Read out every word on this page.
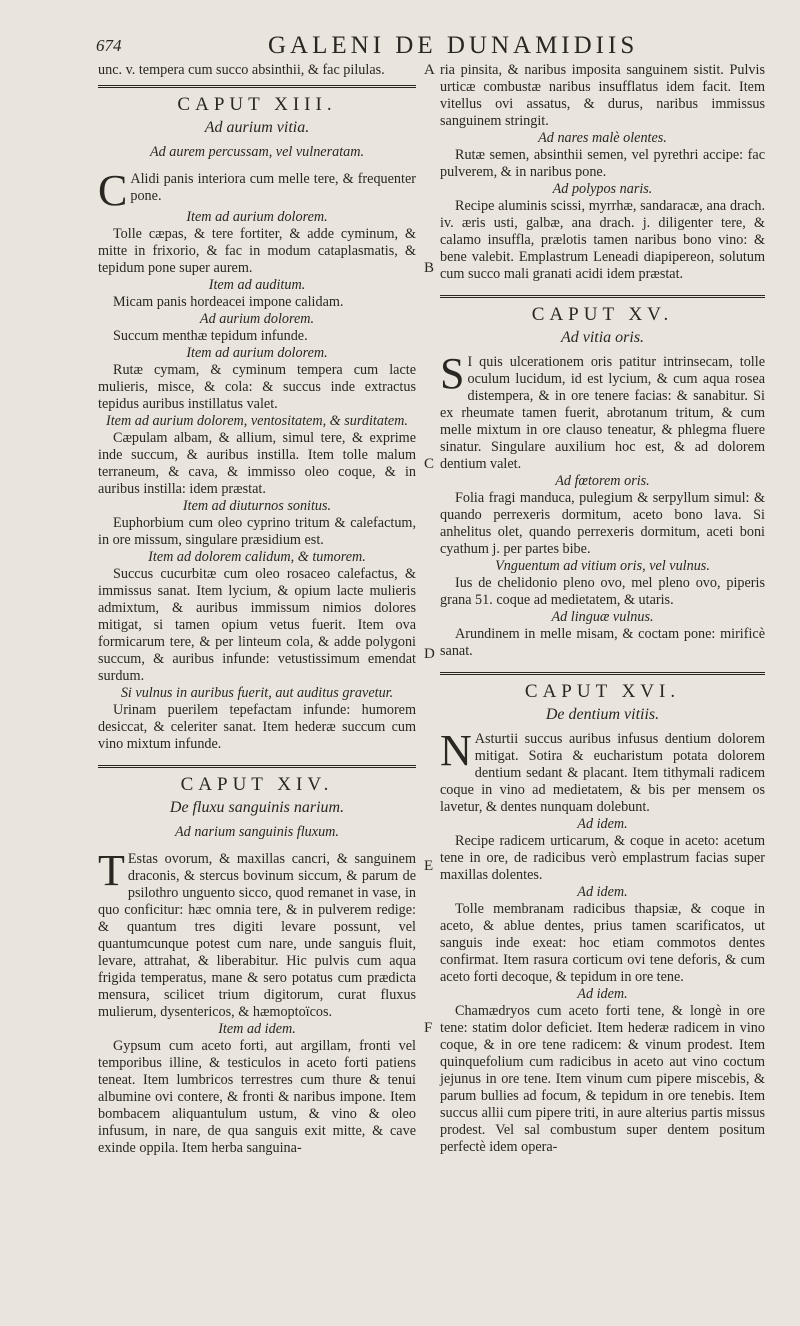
674	GALENI DE DUNAMIDIIS
A
B
C
D
E
F

unc. v. tempera cum succo absinthii, & fac pilulas.

CAPUT XIII.
Ad aurium vitia.
Ad aurem percussam, vel vulneratam.

C Alidi panis interiora cum melle tere, & frequenter pone.

Item ad aurium dolorem.

Tolle cæpas, & tere fortiter, & adde cyminum, & mitte in frixorio, & fac in modum cataplasmatis, & tepidum pone super aurem.

Item ad auditum.

Micam panis hordeacei impone calidam.

Ad aurium dolorem.

Succum menthæ tepidum infunde.

Item ad aurium dolorem.

Rutæ cymam, & cyminum tempera cum lacte mulieris, misce, & cola: & succus inde extractus tepidus auribus instillatus valet.

Item ad aurium dolorem, ventositatem, & surditatem.

Cæpulam albam, & allium, simul tere, & exprime inde succum, & auribus instilla. Item tolle malum terraneum, & cava, & immisso oleo coque, & in auribus instilla: idem præstat.

Item ad diuturnos sonitus.

Euphorbium cum oleo cyprino tritum & calefactum, in ore missum, singulare præsidium est.

Item ad dolorem calidum, & tumorem.

Succus cucurbitæ cum oleo rosaceo calefactus, & immissus sanat. Item lycium, & opium lacte mulieris admixtum, & auribus immissum nimios dolores mitigat, si tamen opium vetus fuerit. Item ova formicarum tere, & per linteum cola, & adde polygoni succum, & auribus infunde: vetustissimum emendat surdum.

Si vulnus in auribus fuerit, aut auditus gravetur.

Urinam puerilem tepefactam infunde: humorem desiccat, & celeriter sanat. Item hederæ succum cum vino mixtum infunde.

CAPUT XIV.
De fluxu sanguinis narium.
Ad narium sanguinis fluxum.

T Estas ovorum, & maxillas cancri, & sanguinem draconis, & stercus bovinum siccum, & parum de psilothro unguento sicco, quod remanet in vase, in quo conficitur: hæc omnia tere, & in pulverem redige: & quantum tres digiti levare possunt, vel quantumcunque potest cum nare, unde sanguis fluit, levare, attrahat, & liberabitur. Hic pulvis cum aqua frigida temperatus, mane & sero potatus cum prædicta mensura, scilicet trium digitorum, curat fluxus mulierum, dysentericos, & hæmoptoïcos.

Item ad idem.

Gypsum cum aceto forti, aut argillam, fronti vel temporibus illine, & testiculos in aceto forti patiens teneat. Item lumbricos terrestres cum thure & tenui albumine ovi contere, & fronti & naribus impone. Item bombacem aliquantulum ustum, & vino & oleo infusum, in nare, de qua sanguis exit mitte, & cave exinde oppila. Item herba sanguina-

ria pinsita, & naribus imposita sanguinem sistit. Pulvis urticæ combustæ naribus insufflatus idem facit. Item vitellus ovi assatus, & durus, naribus immissus sanguinem stringit.

Ad nares malè olentes.

Rutæ semen, absinthii semen, vel pyrethri accipe: fac pulverem, & in naribus pone.

Ad polypos naris.

Recipe aluminis scissi, myrrhæ, sandaracæ, ana drach. iv. æris usti, galbæ, ana drach. j. diligenter tere, & calamo insuffla, prælotis tamen naribus bono vino: & bene valebit. Emplastrum Leneadi diapipereon, solutum cum succo mali granati acidi idem præstat.

CAPUT XV.
Ad vitia oris.

S I quis ulcerationem oris patitur intrinsecam, tolle oculum lucidum, id est lycium, & cum aqua rosea distempera, & in ore tenere facias: & sanabitur. Si ex rheumate tamen fuerit, abrotanum tritum, & cum melle mixtum in ore clauso teneatur, & phlegma fluere sinatur. Singulare auxilium hoc est, & ad dolorem dentium valet.

Ad fœtorem oris.

Folia fragi manduca, pulegium & serpyllum simul: & quando perrexeris dormitum, aceto bono lava. Si anhelitus olet, quando perrexeris dormitum, aceti boni cyathum j. per partes bibe.

Vnguentum ad vitium oris, vel vulnus.

Ius de chelidonio pleno ovo, mel pleno ovo, piperis grana 51. coque ad medietatem, & utaris.

Ad linguæ vulnus.

Arundinem in melle misam, & coctam pone: mirificè sanat.

CAPUT XVI.
De dentium vitiis.

N Asturtii succus auribus infusus dentium dolorem mitigat. Sotira & eucharistum potata dolorem dentium sedant & placant. Item tithymali radicem coque in vino ad medietatem, & bis per mensem os lavetur, & dentes nunquam dolebunt.

Ad idem.

Recipe radicem urticarum, & coque in aceto: acetum tene in ore, de radicibus verò emplastrum facias super maxillas dolentes.

Ad idem.

Tolle membranam radicibus thapsiæ, & coque in aceto, & ablue dentes, prius tamen scarificatos, ut sanguis inde exeat: hoc etiam commotos dentes confirmat. Item rasura corticum ovi tene deforis, & cum aceto forti decoque, & tepidum in ore tene.

Ad idem.

Chamædryos cum aceto forti tene, & longè in ore tene: statim dolor deficiet. Item hederæ radicem in vino coque, & in ore tene radicem: & vinum prodest. Item quinquefolium cum radicibus in aceto aut vino coctum jejunus in ore tene. Item vinum cum pipere miscebis, & parum bullies ad focum, & tepidum in ore tenebis. Item succus allii cum pipere triti, in aure alterius partis missus prodest. Vel sal combustum super dentem positum perfectè idem opera-
